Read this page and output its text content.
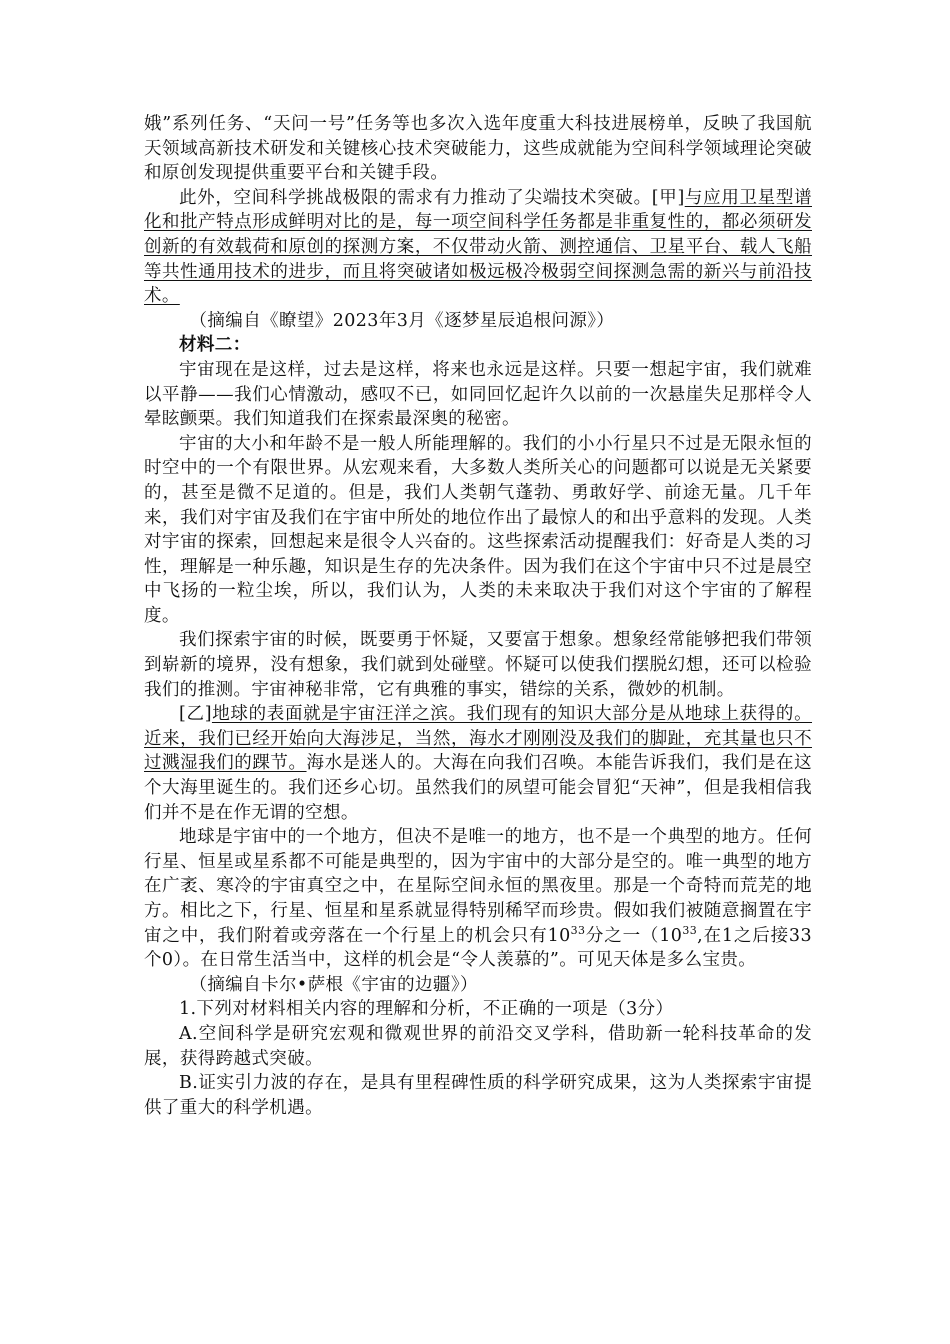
娥”系列任务、“天问一号”任务等也多次入选年度重大科技进展榜单，反映了我国航天领域高新技术研发和关键核心技术突破能力，这些成就能为空间科学领域理论突破和原创发现提供重要平台和关键手段。

此外，空间科学挑战极限的需求有力推动了尖端技术突破。[甲]与应用卫星型谱化和批产特点形成鲜明对比的是，每一项空间科学任务都是非重复性的，都必须研发创新的有效载荷和原创的探测方案，不仅带动火箭、测控通信、卫星平台、载人飞船等共性通用技术的进步，而且将突破诸如极远极冷极弱空间探测急需的新兴与前沿技术。

（摘编自《瞭望》2023年3月《逐梦星辰追根问源》）

材料二：

宇宙现在是这样，过去是这样，将来也永远是这样。只要一想起宇宙，我们就难以平静——我们心情激动，感叹不已，如同回忆起许久以前的一次悬崖失足那样令人晕眩颤栗。我们知道我们在探索最深奥的秘密。

宇宙的大小和年龄不是一般人所能理解的。我们的小小行星只不过是无限永恒的时空中的一个有限世界。从宏观来看，大多数人类所关心的问题都可以说是无关紧要的，甚至是微不足道的。但是，我们人类朝气蓬勃、勇敢好学、前途无量。几千年来，我们对宇宙及我们在宇宙中所处的地位作出了最惊人的和出乎意料的发现。人类对宇宙的探索，回想起来是很令人兴奋的。这些探索活动提醒我们：好奇是人类的习性，理解是一种乐趣，知识是生存的先决条件。因为我们在这个宇宙中只不过是晨空中飞扬的一粒尘埃，所以，我们认为，人类的未来取决于我们对这个宇宙的了解程度。

我们探索宇宙的时候，既要勇于怀疑，又要富于想象。想象经常能够把我们带领到崭新的境界，没有想象，我们就到处碰壁。怀疑可以使我们摆脱幻想，还可以检验我们的推测。宇宙神秘非常，它有典雅的事实，错综的关系，微妙的机制。

[乙]地球的表面就是宇宙汪洋之滨。我们现有的知识大部分是从地球上获得的。近来，我们已经开始向大海涉足，当然，海水才刚刚没及我们的脚趾，充其量也只不过溅湿我们的踝节。海水是迷人的。大海在向我们召唤。本能告诉我们，我们是在这个大海里诞生的。我们还乡心切。虽然我们的夙望可能会冒犯“天神”，但是我相信我们并不是在作无谓的空想。

地球是宇宙中的一个地方，但决不是唯一的地方，也不是一个典型的地方。任何行星、恒星或星系都不可能是典型的，因为宇宙中的大部分是空的。唯一典型的地方在广袤、寒冷的宇宙真空之中，在星际空间永恒的黑夜里。那是一个奇特而荒芜的地方。相比之下，行星、恒星和星系就显得特别稀罕而珍贵。假如我们被随意搁置在宇宙之中，我们附着或旁落在一个行星上的机会只有$10^{33}$分之一（$10^{33}$,在1之后接33个0）。在日常生活当中，这样的机会是“令人羡慕的”。可见天体是多么宝贵。

（摘编自卡尔•萨根《宇宙的边疆》）

1.下列对材料相关内容的理解和分析，不正确的一项是（3分）

A.空间科学是研究宏观和微观世界的前沿交叉学科，借助新一轮科技革命的发展，获得跨越式突破。

B.证实引力波的存在，是具有里程碑性质的科学研究成果，这为人类探索宇宙提供了重大的科学机遇。
